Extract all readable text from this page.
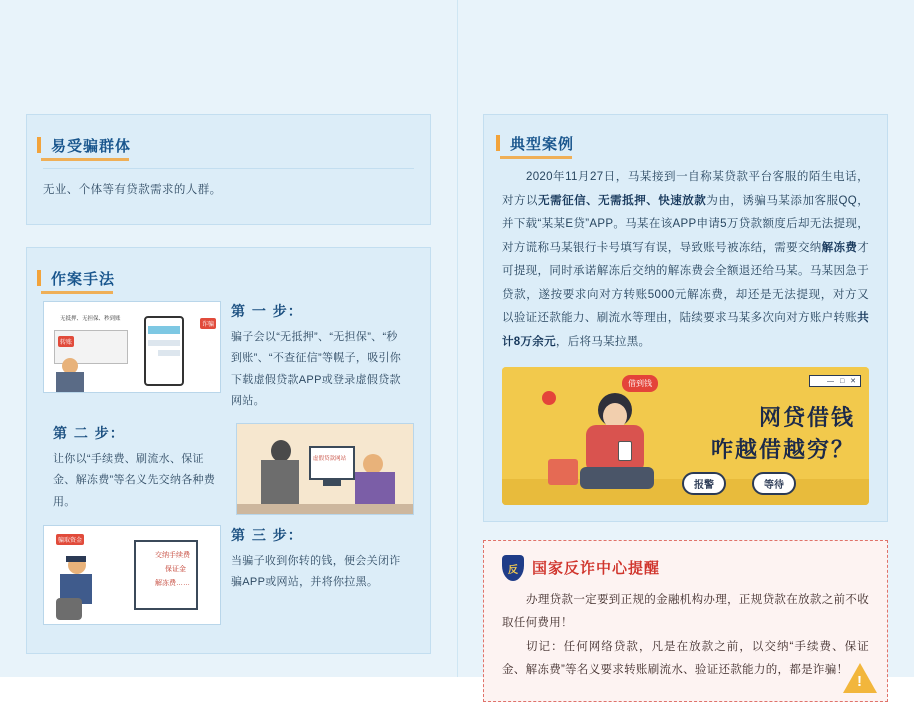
易受骗群体
无业、个体等有贷款需求的人群。
作案手法
无抵押、无担保、秒到账
转账
诈骗
第 一 步：
骗子会以“无抵押”、“无担保”、“秒到账”、“不查征信”等幌子，吸引你下载虚假贷款APP或登录虚假贷款网站。
虚假贷款网站
第 二 步：
让你以“手续费、刷流水、保证金、解冻费”等名义先交纳各种费用。
骗取资金
交纳手续费
保证金
解冻费……
第 三 步：
当骗子收到你转的钱，便会关闭诈骗APP或网站，并将你拉黑。
典型案例
2020年11月27日，马某接到一自称某贷款平台客服的陌生电话，对方以无需征信、无需抵押、快速放款为由，诱骗马某添加客服QQ，并下载“某某E贷”APP。马某在该APP申请5万贷款额度后却无法提现，对方谎称马某银行卡号填写有误，导致账号被冻结，需要交纳解冻费才可提现，同时承诺解冻后交纳的解冻费会全额退还给马某。马某因急于贷款，遂按要求向对方转账5000元解冻费，却还是无法提现，对方又以验证还款能力、刷流水等理由，陆续要求马某多次向对方账户转账共计8万余元，后将马某拉黑。
借到钱	— □ ✕
网贷借钱
咋越借越穷？
报警	等待
反 国家反诈中心提醒

办理贷款一定要到正规的金融机构办理，正规贷款在放款之前不收取任何费用！

切记：任何网络贷款，凡是在放款之前，以交纳“手续费、保证金、解冻费”等名义要求转账刷流水、验证还款能力的，都是诈骗！

!
